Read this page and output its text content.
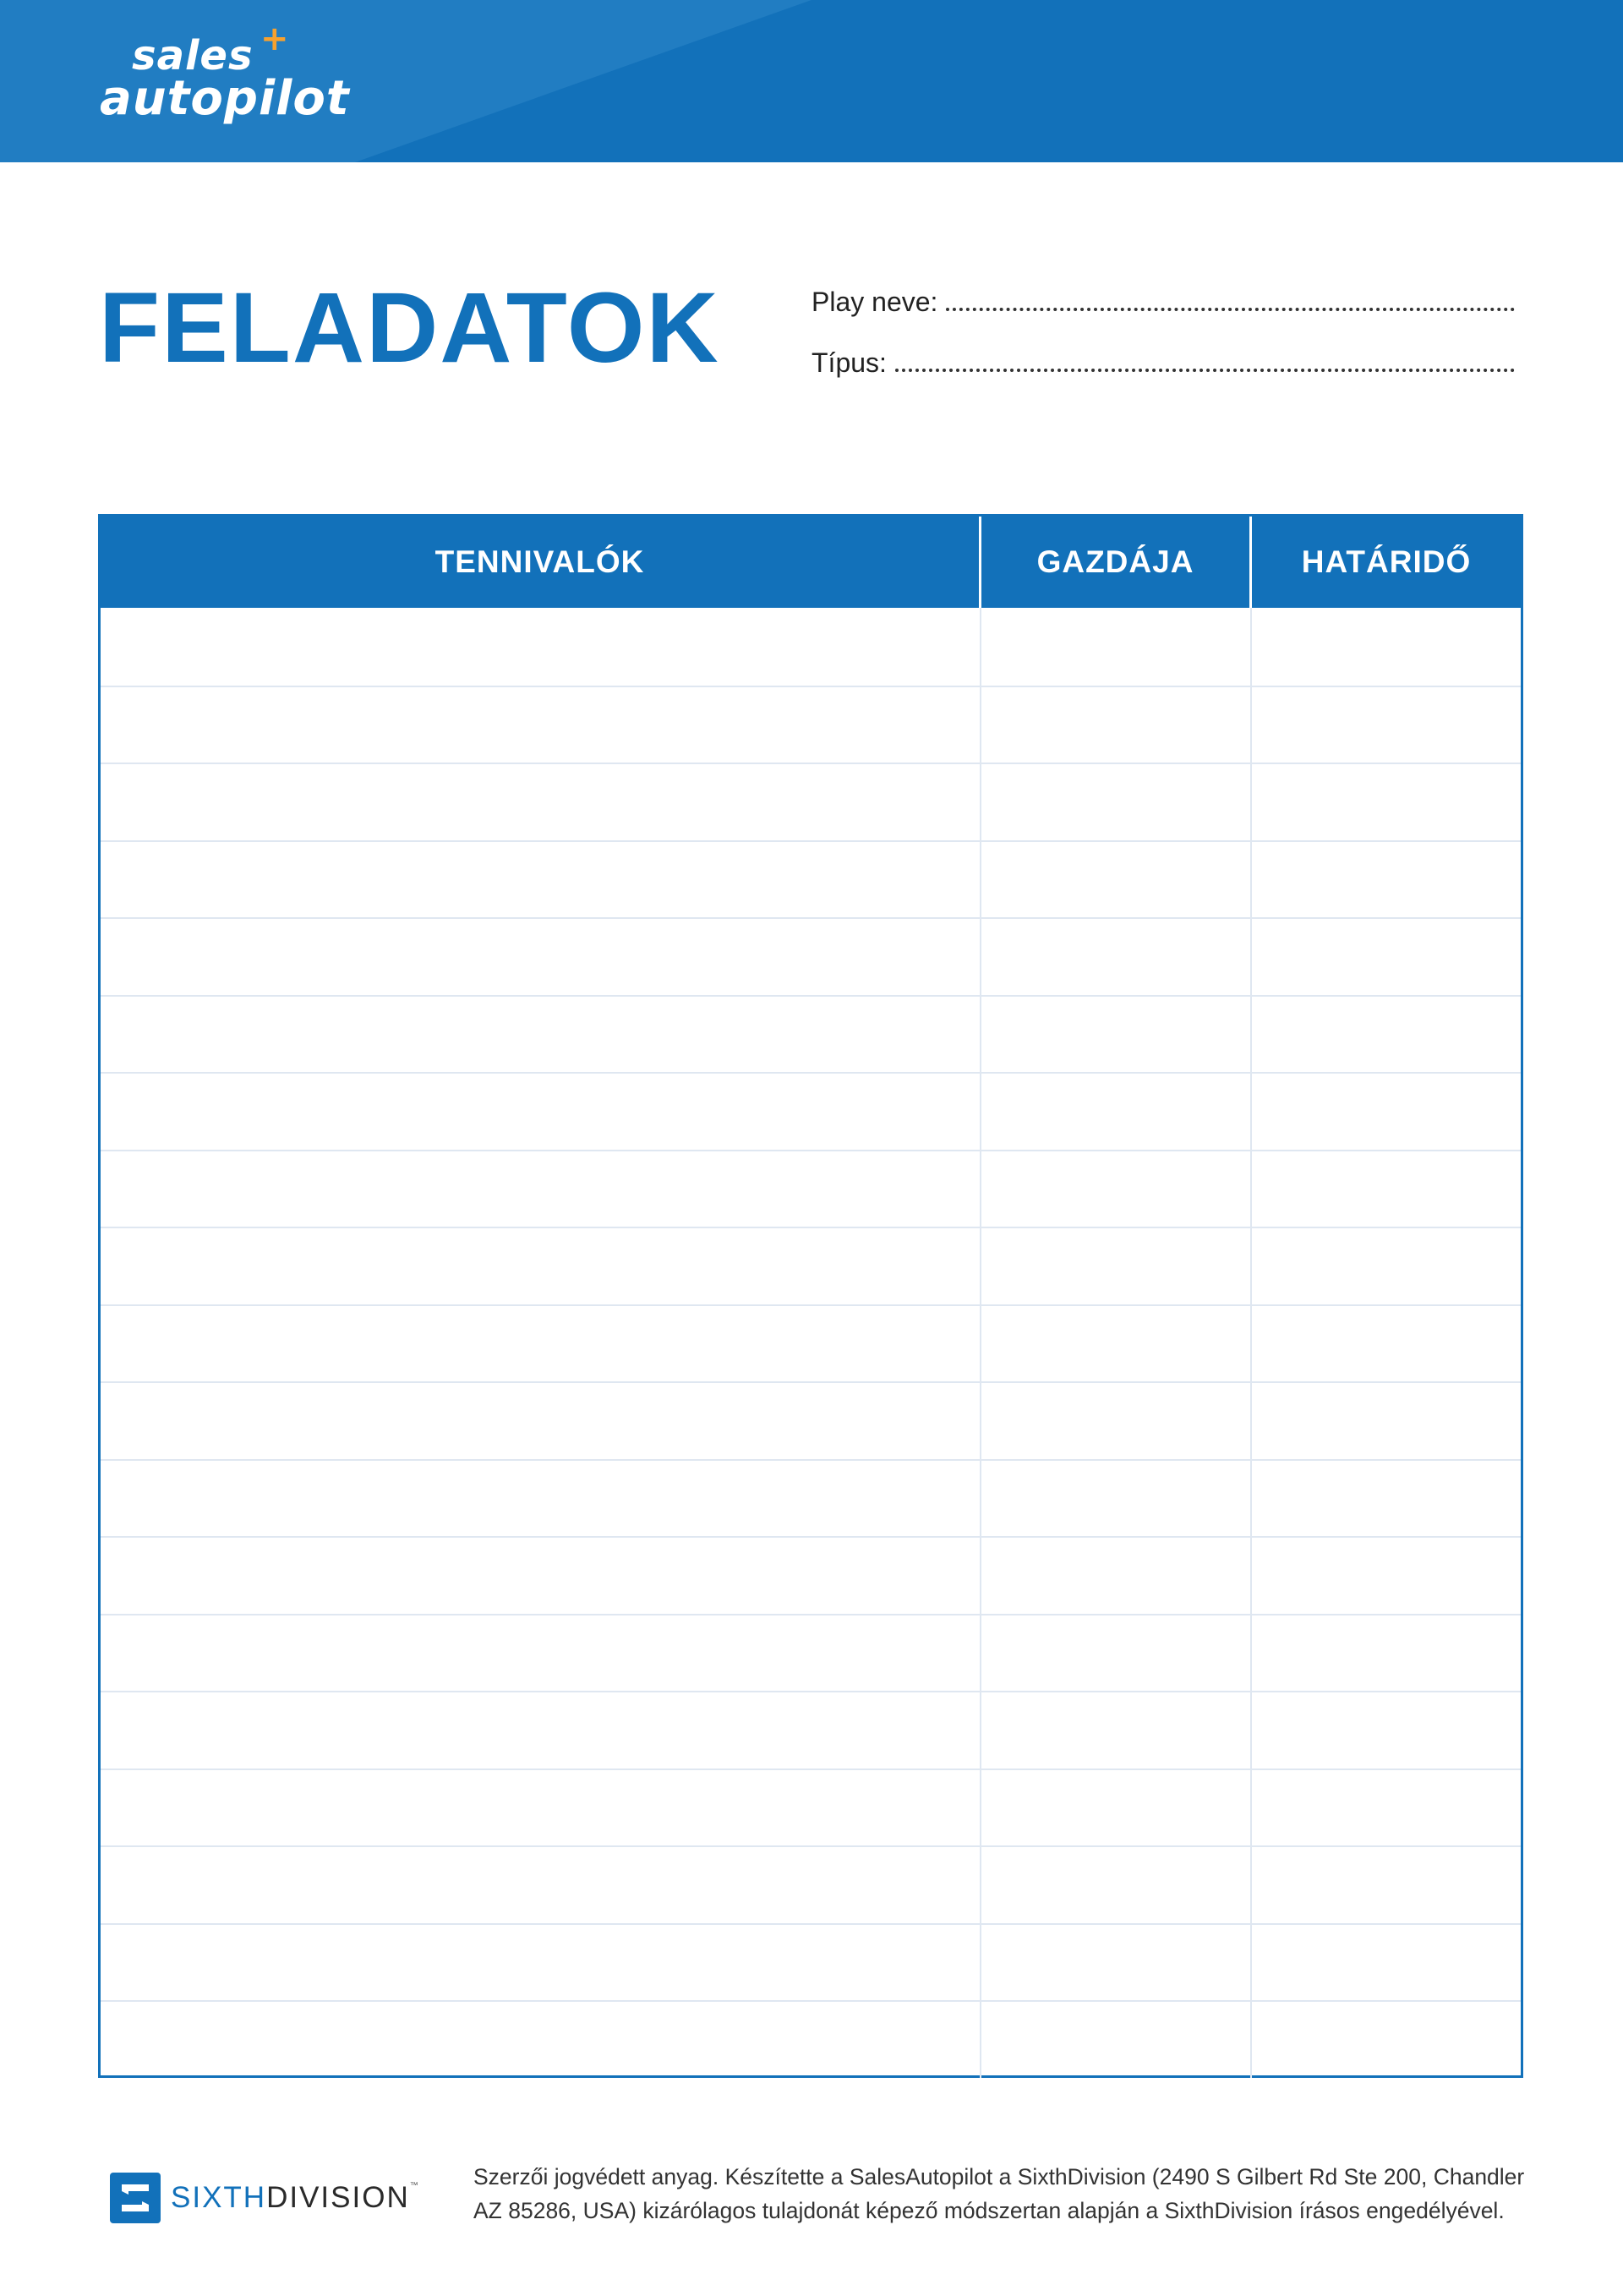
sales +
autopilot
FELADATOK	Play neve:
Típus:
TENNIVALÓK	GAZDÁJA	HATÁRIDŐ
SIXTHDIVISION™ Szerzői jogvédett anyag. Készítette a SalesAutopilot a SixthDivision (2490 S Gilbert Rd Ste 200, Chandler
AZ 85286, USA) kizárólagos tulajdonát képező módszertan alapján a SixthDivision írásos engedélyével.
